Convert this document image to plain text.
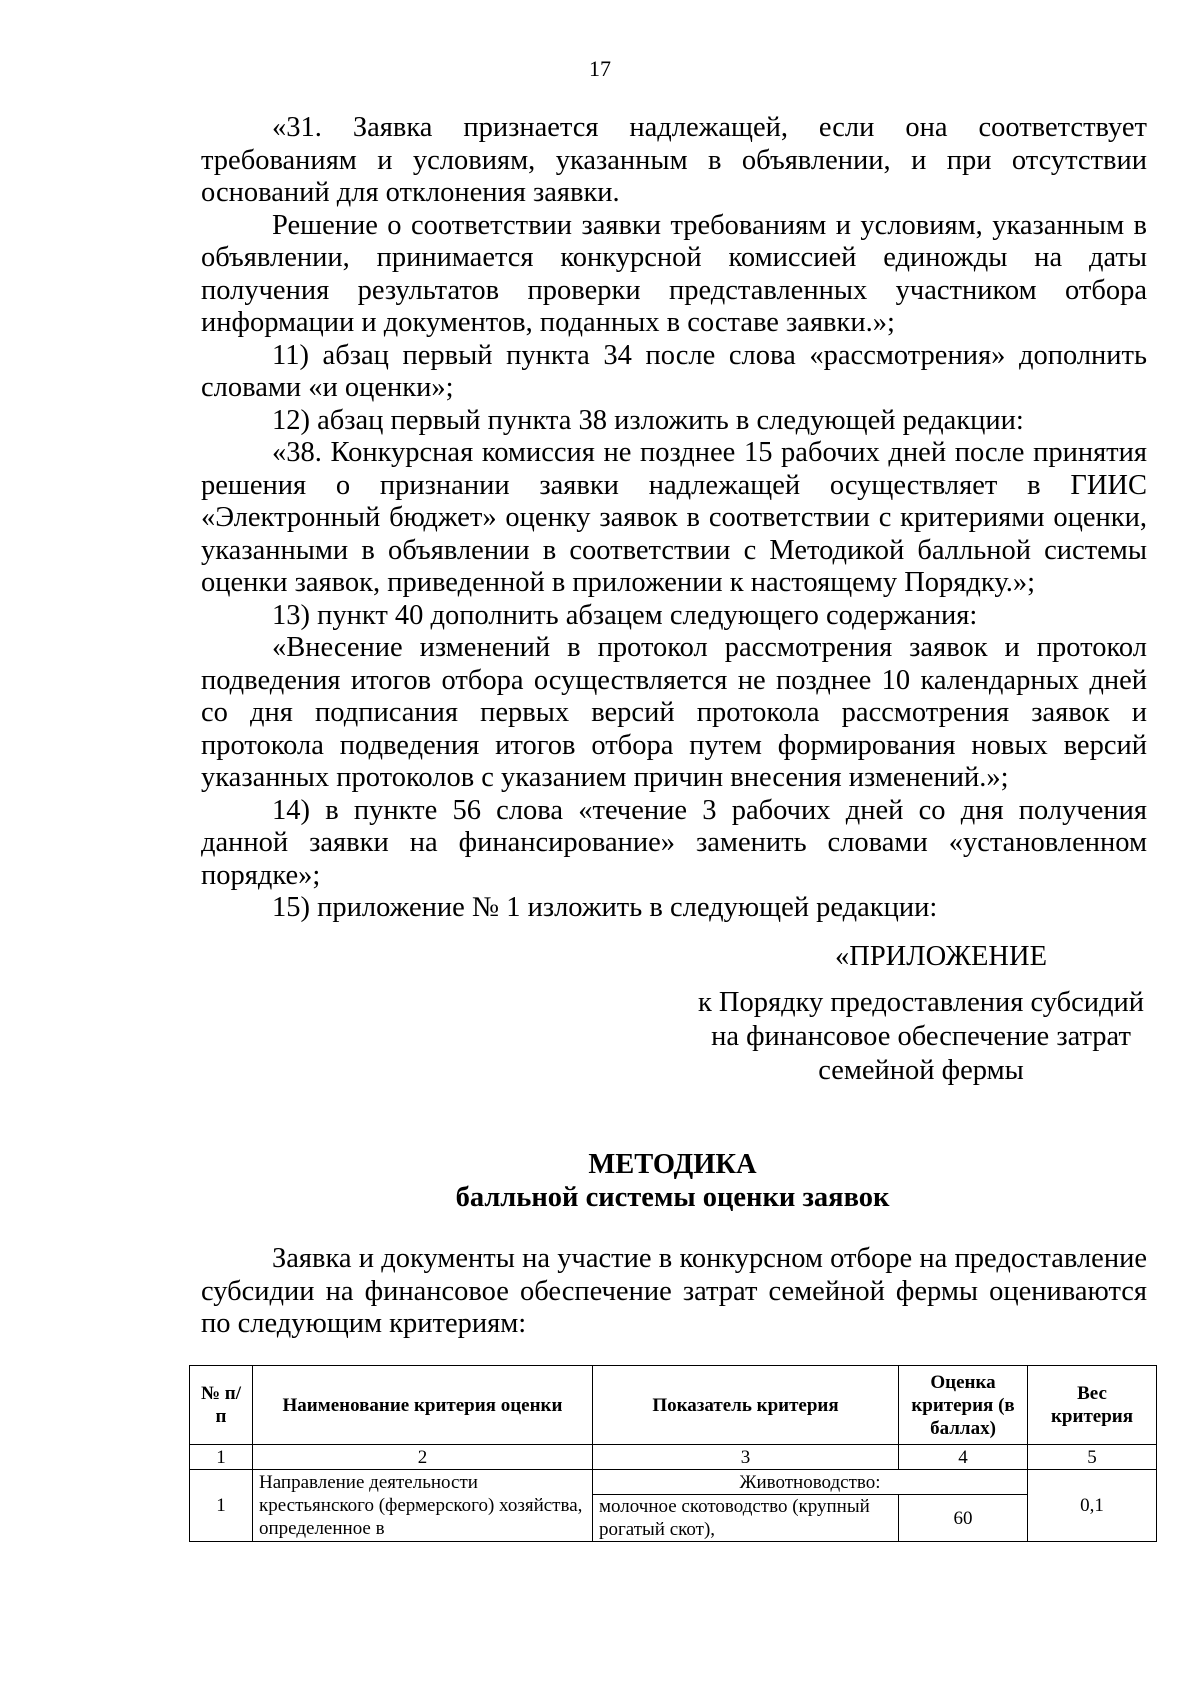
17

«31. Заявка признается надлежащей, если она соответствует требованиям и условиям, указанным в объявлении, и при отсутствии оснований для отклонения заявки.

Решение о соответствии заявки требованиям и условиям, указанным в объявлении, принимается конкурсной комиссией единожды на даты получения результатов проверки представленных участником отбора информации и документов, поданных в составе заявки.»;

11) абзац первый пункта 34 после слова «рассмотрения» дополнить словами «и оценки»;

12) абзац первый пункта 38 изложить в следующей редакции:

«38. Конкурсная комиссия не позднее 15 рабочих дней после принятия решения о признании заявки надлежащей осуществляет в ГИИС «Электронный бюджет» оценку заявок в соответствии с критериями оценки, указанными в объявлении в соответствии с Методикой балльной системы оценки заявок, приведенной в приложении к настоящему Порядку.»;

13) пункт 40 дополнить абзацем следующего содержания:

«Внесение изменений в протокол рассмотрения заявок и протокол подведения итогов отбора осуществляется не позднее 10 календарных дней со дня подписания первых версий протокола рассмотрения заявок и протокола подведения итогов отбора путем формирования новых версий указанных протоколов с указанием причин внесения изменений.»;

14) в пункте 56 слова «течение 3 рабочих дней со дня получения данной заявки на финансирование» заменить словами «установленном порядке»;

15) приложение № 1 изложить в следующей редакции:

«ПРИЛОЖЕНИЕ

к Порядку предоставления субсидий
на финансовое обеспечение затрат
семейной фермы

МЕТОДИКА
балльной системы оценки заявок

Заявка и документы на участие в конкурсном отборе на предоставление субсидии на финансовое обеспечение затрат семейной фермы оцениваются по следующим критериям:

№ п/п	Наименование критерия оценки	Показатель критерия	Оценка критерия (в баллах)	Вес критерия
1	2	3	4	5
1	Направление деятельности крестьянского (фермерского) хозяйства, определенное в	Животноводство:		0,1
		молочное скотоводство (крупный рогатый скот),	60	
